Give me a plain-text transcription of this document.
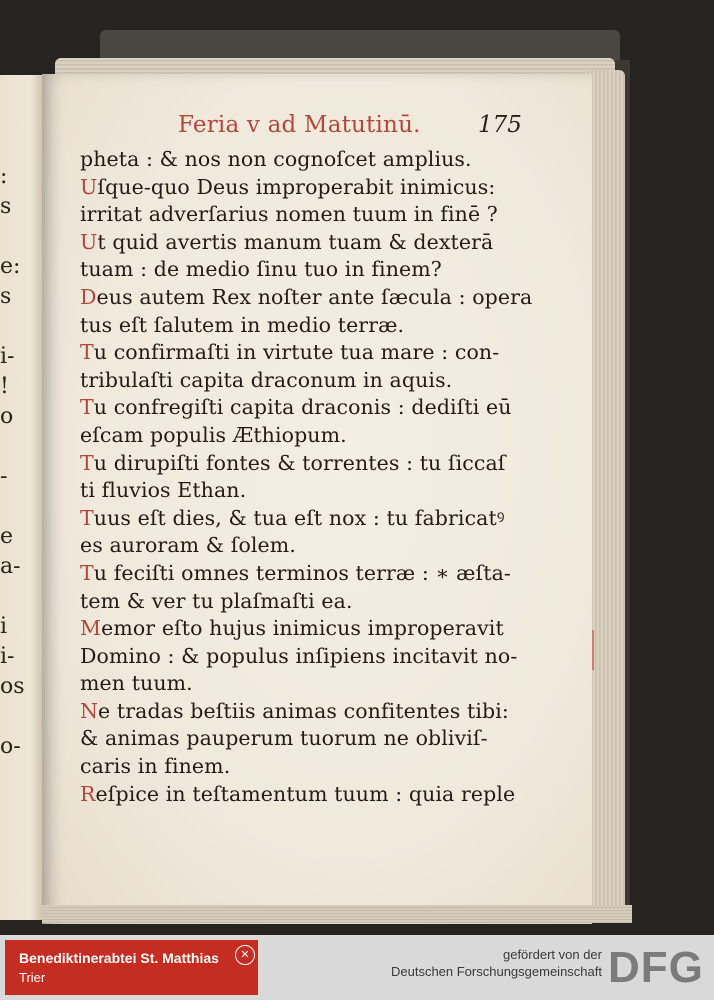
:
s
e:
s
i-
!
o
-
e
a-
i
i-
os
o-
Feria v ad Matutinū. 175
pheta : & nos non cognoſcet amplius.
Uſque-quo Deus improperabit inimicus:
irritat adverſarius nomen tuum in finē ?
Ut quid avertis manum tuam & dexterā
tuam : de medio ſinu tuo in finem?
Deus autem Rex noſter ante ſæcula : opera
tus eſt ſalutem in medio terræ.
Tu confirmaſti in virtute tua mare : con-
tribulaſti capita draconum in aquis.
Tu confregiſti capita draconis : dediſti eū
eſcam populis Æthiopum.
Tu dirupiſti fontes & torrentes : tu ſiccaſ
ti fluvios Ethan.
Tuus eſt dies, & tua eſt nox : tu fabricatꝰ
es auroram & ſolem.
Tu feciſti omnes terminos terræ : ∗ æſta-
tem & ver tu plaſmaſti ea.
Memor eſto hujus inimicus improperavit
Domino : & populus inſipiens incitavit no-
men tuum.
Ne tradas beſtiis animas confitentes tibi:
& animas pauperum tuorum ne obliviſ-
caris in finem.
Reſpice in teſtamentum tuum : quia reple
Benediktinerabtei St. Matthias
Trier
✕	gefördert von der
Deutschen Forschungsgemeinschaft DFG
